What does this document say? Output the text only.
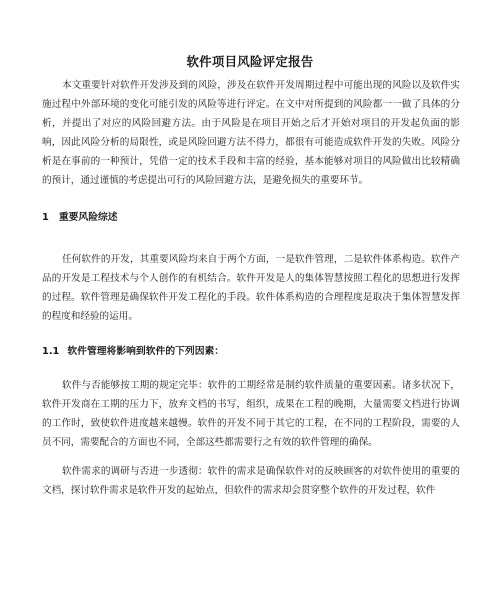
软件项目风险评定报告

本文重要针对软件开发涉及到的风险，涉及在软件开发周期过程中可能出现的风险以及软件实施过程中外部环境的变化可能引发的风险等进行评定。在文中对所提到的风险都一一做了具体的分析，并提出了对应的风险回避方法。由于风险是在项目开始之后才开始对项目的开发起负面的影响，因此风险分析的局限性，或是风险回避方法不得力，都很有可能造成软件开发的失败。风险分析是在事前的一种预计，凭借一定的技术手段和丰富的经验，基本能够对项目的风险做出比较精确的预计，通过谨慎的考虑提出可行的风险回避方法，是避免损失的重要环节。

1 重要风险综述

任何软件的开发，其重要风险均来自于两个方面，一是软件管理，二是软件体系构造。软件产品的开发是工程技术与个人创作的有机结合。软件开发是人的集体智慧按照工程化的思想进行发挥的过程。软件管理是确保软件开发工程化的手段。软件体系构造的合理程度是取决于集体智慧发挥的程度和经验的运用。

1.1 软件管理将影响到软件的下列因素：

软件与否能够按工期的规定完毕：软件的工期经常是制约软件质量的重要因素。诸多状况下，软件开发商在工期的压力下，放弃文档的书写，组织，成果在工程的晚期，大量需要文档进行协调的工作时，致使软件进度越来越慢。软件的开发不同于其它的工程，在不同的工程阶段，需要的人员不同，需要配合的方面也不同，全部这些都需要行之有效的软件管理的确保。

软件需求的调研与否进一步透彻：软件的需求是确保软件对的反映顾客的对软件使用的重要的文档，探讨软件需求是软件开发的起始点，但软件的需求却会贯穿整个软件的开发过程，软件
